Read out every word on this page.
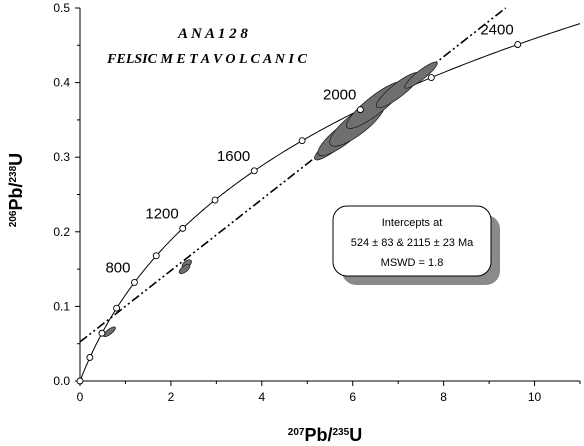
0	2	4	6	8	10
0.0
0.1
0.2
0.3
0.4
0.5
800
1200
1600
2000
2400
A N A 1 2 8
FELSIC M E T A V O L C A N I C
Intercepts at
524 ± 83 & 2115 ± 23 Ma
MSWD = 1.8
$^{207}$Pb/$^{235}$U
$^{206}$Pb/$^{238}$U
